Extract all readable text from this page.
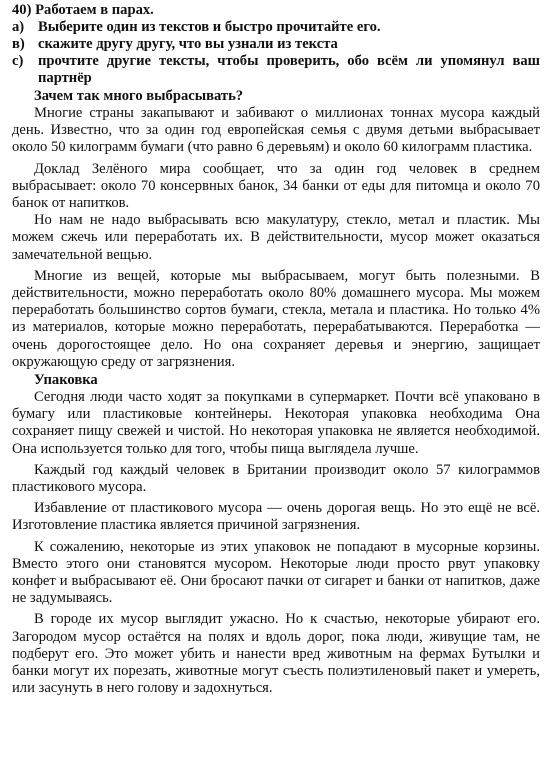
40) Работаем в парах.
a) Выберите один из текстов и быстро прочитайте его.
в) скажите другу другу, что вы узнали из текста
c)	прочтите другие тексты, чтобы проверить, обо всём ли упомянул ваш партнёр
Зачем так много выбрасывать?

Многие страны закапывают и забивают о миллионах тоннах мусора каждый день. Известно, что за один год европейская семья с двумя детьми выбрасывает около 50 килограмм бумаги (что равно 6 деревьям) и около 60 килограмм пластика.

Доклад Зелёного мира сообщает, что за один год человек в среднем выбрасывает: около 70 консервных банок, 34 банки от еды для питомца и около 70 банок от напитков.

Но нам не надо выбрасывать всю макулатуру, стекло, метал и пластик. Мы можем сжечь или переработать их. В действительности, мусор может оказаться замечательной вещью.

Многие из вещей, которые мы выбрасываем, могут быть полезными. В действительности, можно переработать около 80% домашнего мусора. Мы можем переработать большинство сортов бумаги, стекла, метала и пластика. Но только 4% из материалов, которые можно переработать, перерабатываются. Переработка — очень дорогостоящее дело. Но она сохраняет деревья и энергию, защищает окружающую среду от загрязнения.

Упаковка

Сегодня люди часто ходят за покупками в супермаркет. Почти всё упаковано в бумагу или пластиковые контейнеры. Некоторая упаковка необходима Она сохраняет пищу свежей и чистой. Но некоторая упаковка не является необходимой. Она используется только для того, чтобы пища выглядела лучше.

Каждый год каждый человек в Британии производит около 57 килограммов пластикового мусора.

Избавление от пластикового мусора — очень дорогая вещь. Но это ещё не всё. Изготовление пластика является причиной загрязнения.

К сожалению, некоторые из этих упаковок не попадают в мусорные корзины. Вместо этого они становятся мусором. Некоторые люди просто рвут упаковку конфет и выбрасывают её. Они бросают пачки от сигарет и банки от напитков, даже не задумываясь.

В городе их мусор выглядит ужасно. Но к счастью, некоторые убирают его. Загородом мусор остаётся на полях и вдоль дорог, пока люди, живущие там, не подберут его. Это может убить и нанести вред животным на фермах Бутылки и банки могут их порезать, животные могут съесть полиэтиленовый пакет и умереть, или засунуть в него голову и задохнуться.
